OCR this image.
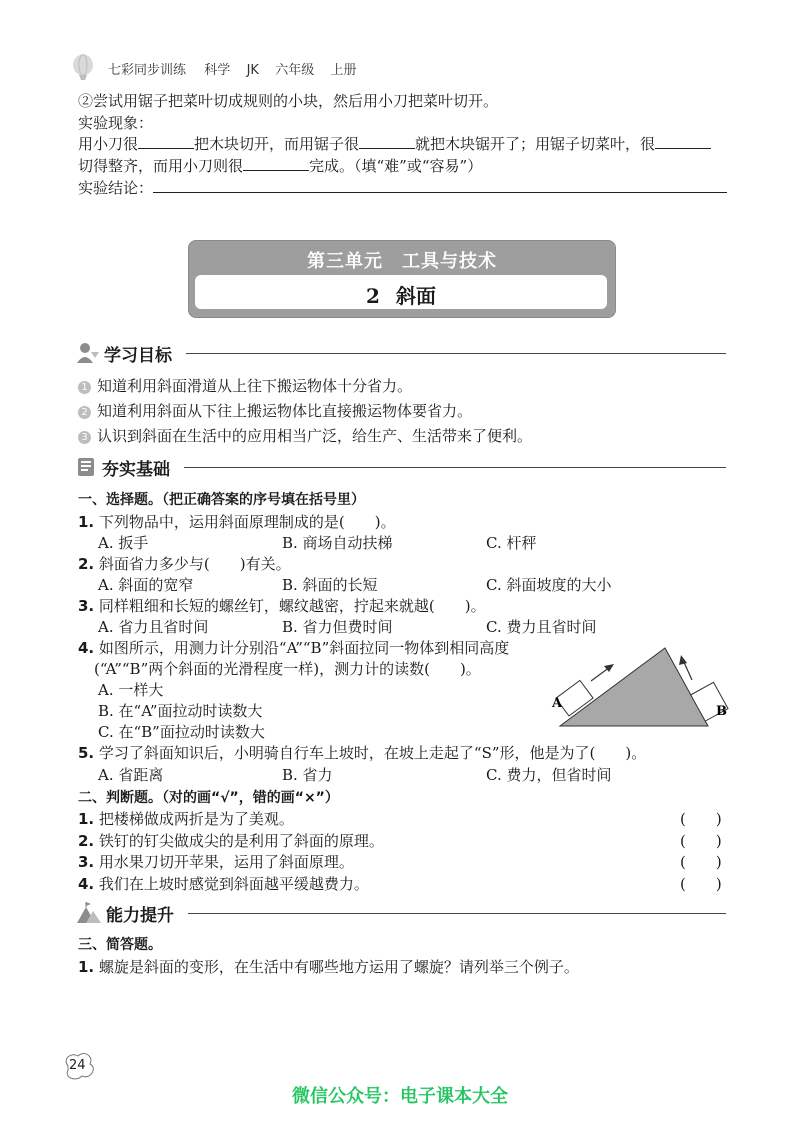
七彩同步训练 科学 JK 六年级 上册
②尝试用锯子把菜叶切成规则的小块，然后用小刀把菜叶切开。
实验现象：
用小刀很	把木块切开，而用锯子很	就把木块锯开了；用锯子切菜叶，很
切得整齐，而用小刀则很	完成。（填“难”或“容易”）
实验结论：
第三单元　工具与技术
2 斜面
学习目标
1 知道利用斜面滑道从上往下搬运物体十分省力。
2 知道利用斜面从下往上搬运物体比直接搬运物体要省力。
3 认识到斜面在生活中的应用相当广泛，给生产、生活带来了便利。
夯实基础
一、选择题。（把正确答案的序号填在括号里）
1. 下列物品中，运用斜面原理制成的是(　　)。
A. 扳手	B. 商场自动扶梯	C. 杆秤
2. 斜面省力多少与(　　)有关。
A. 斜面的宽窄	B. 斜面的长短	C. 斜面坡度的大小
3. 同样粗细和长短的螺丝钉，螺纹越密，拧起来就越(　　)。
A. 省力且省时间	B. 省力但费时间	C. 费力且省时间
4. 如图所示，用测力计分别沿“A”“B”斜面拉同一物体到相同高度
(“A”“B”两个斜面的光滑程度一样)，测力计的读数(　　)。
A. 一样大
B. 在“A”面拉动时读数大
C. 在“B”面拉动时读数大
A
B
5. 学习了斜面知识后，小明骑自行车上坡时，在坡上走起了“S”形，他是为了(　　)。
A. 省距离	B. 省力	C. 费力，但省时间
二、判断题。（对的画“√”，错的画“×”）
1. 把楼梯做成两折是为了美观。	(　　)
2. 铁钉的钉尖做成尖的是利用了斜面的原理。	(　　)
3. 用水果刀切开苹果，运用了斜面原理。	(　　)
4. 我们在上坡时感觉到斜面越平缓越费力。	(　　)
能力提升
三、简答题。
1. 螺旋是斜面的变形，在生活中有哪些地方运用了螺旋？请列举三个例子。
24
微信公众号：电子课本大全
